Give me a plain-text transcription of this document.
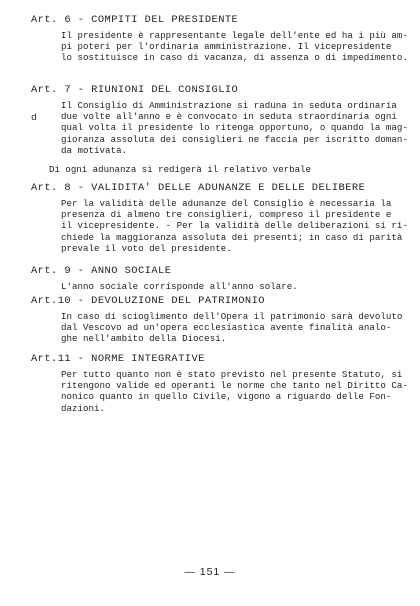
Art. 6 - COMPITI DEL PRESIDENTE
Il presidente è rappresentante legale dell'ente ed ha i più am-
pi poteri per l'ordinaria amministrazione. Il vicepresidente
lo sostituisce in caso di vacanza, di assenza o di impedimento.
Art. 7 - RIUNIONI DEL CONSIGLIO
Il Consiglio di Amministrazione si raduna in seduta ordinaria
due volte all'anno e è convocato in seduta straordinaria ogni
qual volta il presidente lo ritenga opportuno, o quando la mag-
gioranza assoluta dei consiglieri ne faccia per iscritto doman-
da motivata.
d
Di ogni adunanza si redigerà il relativo verbale
Art. 8 - VALIDITA' DELLE ADUNANZE E DELLE DELIBERE
Per la validità delle adunanze del Consiglio è necessaria la
presenza di almeno tre consiglieri, compreso il presidente e
il vicepresidente. - Per la validità delle deliberazioni si ri-
chiede la maggioranza assoluta dei presenti; in caso di parità
prevale il voto del presidente.
Art. 9 - ANNO SOCIALE
L'anno sociale corrisponde all'anno solare.
Art.10 - DEVOLUZIONE DEL PATRIMONIO
In caso di scioglimento dell'Opera il patrimonio sarà devoluto
dal Vescovo ad un'opera ecclesiastica avente finalità analo-
ghe nell'ambito della Diocesi.
Art.11 - NORME INTEGRATIVE
Per tutto quanto non è stato previsto nel presente Statuto, si
ritengono valide ed operanti le norme che tanto nel Diritto Ca-
nonico quanto in quello Civile, vigono a riguardo delle Fon-
dazioni.
— 151 —
